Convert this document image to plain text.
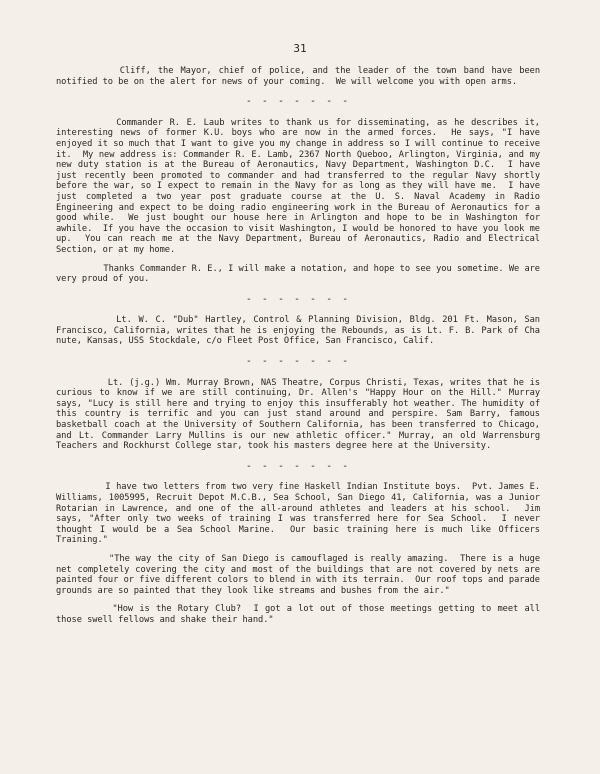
31

Cliff, the Mayor, chief of police, and the leader of the town band have been notified to be on the alert for news of your coming.  We will welcome you with open arms.

- - - - - - -

Commander R. E. Laub writes to thank us for disseminating, as he describes it, interesting news of former K.U. boys who are now in the armed forces.  He says, "I have enjoyed it so much that I want to give you my change in address so I will continue to receive it.  My new address is: Commander R. E. Lamb, 2367 North Queboo, Arlington, Virginia, and my new duty station is at the Bureau of Aeronautics, Navy Department, Washington D.C.  I have just recently been promoted to commander and had transferred to the regular Navy shortly before the war, so I expect to remain in the Navy for as long as they will have me.  I have just completed a two year post graduate course at the U. S. Naval Academy in Radio Engineering and expect to be doing radio engineering work in the Bureau of Aeronautics for a good while.  We just bought our house here in Arlington and hope to be in Washington for awhile.  If you have the occasion to visit Washington, I would be honored to have you look me up.  You can reach me at the Navy Department, Bureau of Aeronautics, Radio and Electrical Section, or at my home.

Thanks Commander R. E., I will make a notation, and hope to see you sometime. We are very proud of you.

- - - - - - -

Lt. W. C. "Dub" Hartley, Control & Planning Division, Bldg. 201 Ft. Mason, San Francisco, California, writes that he is enjoying the Rebounds, as is Lt. F. B. Park of Cha nute, Kansas, USS Stockdale, c/o Fleet Post Office, San Francisco, Calif.

- - - - - - -

Lt. (j.g.) Wm. Murray Brown, NAS Theatre, Corpus Christi, Texas, writes that he is curious to know if we are still continuing, Dr. Allen's "Happy Hour on the Hill." Murray says, "Lucy is still here and trying to enjoy this insufferably hot weather. The humidity of this country is terrific and you can just stand around and perspire. Sam Barry, famous basketball coach at the University of Southern California, has been transferred to Chicago, and Lt. Commander Larry Mullins is our new athletic officer." Murray, an old Warrensburg Teachers and Rockhurst College star, took his masters degree here at the University.

- - - - - - -

I have two letters from two very fine Haskell Indian Institute boys.  Pvt. James E. Williams, 1005995, Recruit Depot M.C.B., Sea School, San Diego 41, California, was a Junior Rotarian in Lawrence, and one of the all-around athletes and leaders at his school.  Jim says, "After only two weeks of training I was transferred here for Sea School.  I never thought I would be a Sea School Marine.  Our basic training here is much like Officers Training."

"The way the city of San Diego is camouflaged is really amazing.  There is a huge net completely covering the city and most of the buildings that are not covered by nets are painted four or five different colors to blend in with its terrain.  Our roof tops and parade grounds are so painted that they look like streams and bushes from the air."

"How is the Rotary Club?  I got a lot out of those meetings getting to meet all those swell fellows and shake their hand."
